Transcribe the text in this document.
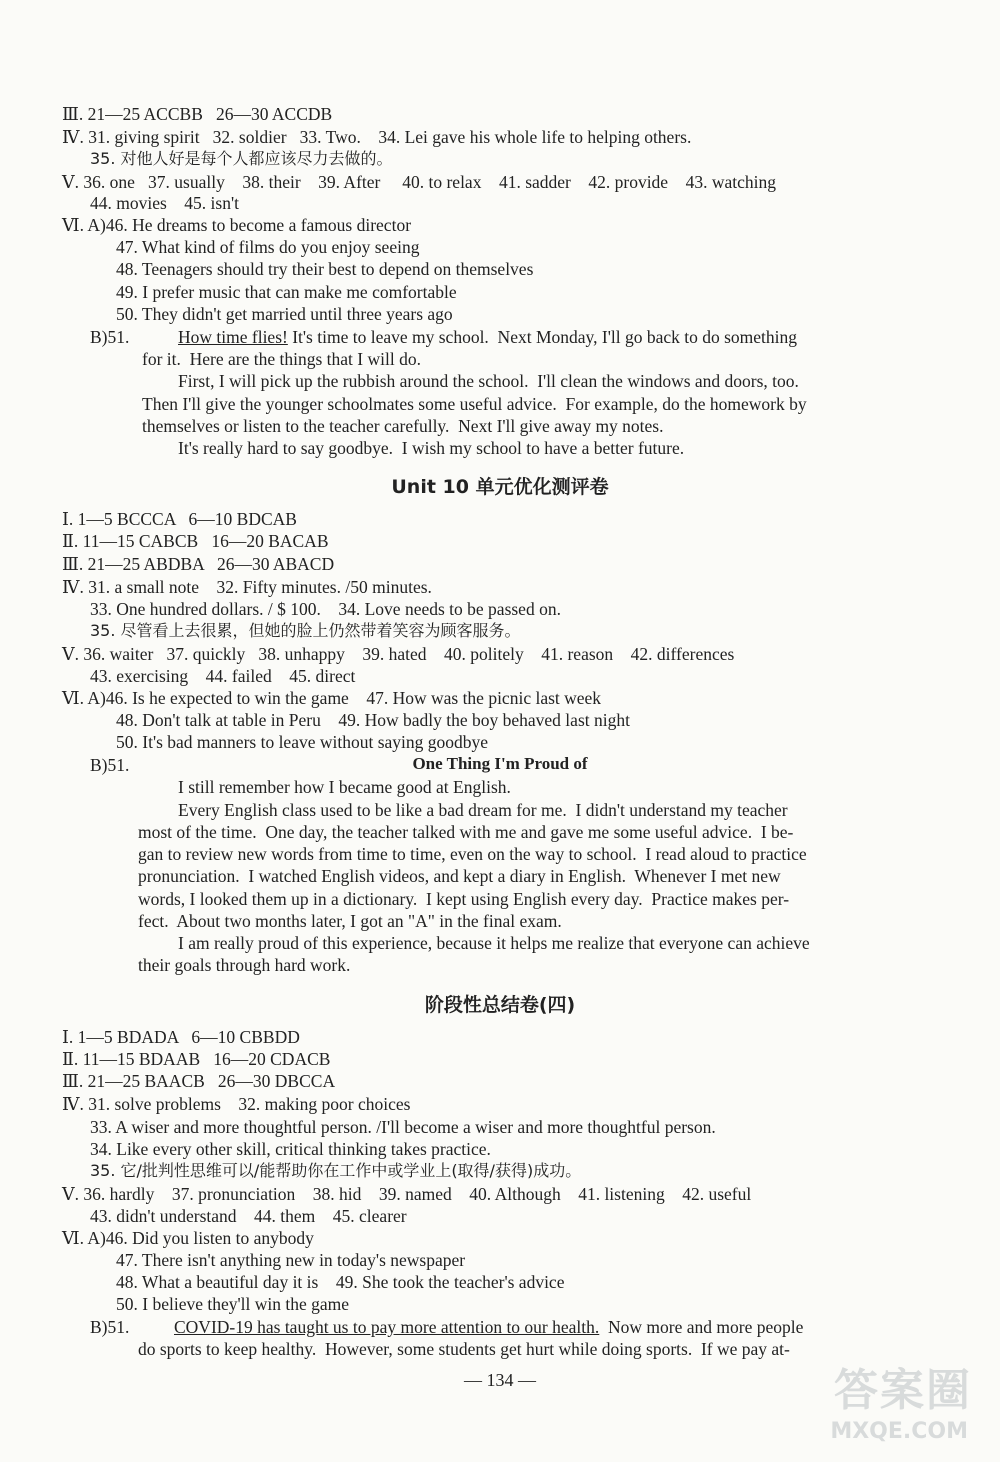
Ⅲ. 21—25 ACCBB   26—30 ACCDB
Ⅳ. 31. giving spirit   32. soldier   33. Two.    34. Lei gave his whole life to helping others.
35. 对他人好是每个人都应该尽力去做的。
Ⅴ. 36. one   37. usually    38. their    39. After     40. to relax    41. sadder    42. provide    43. watching
44. movies    45. isn't
Ⅵ. A)46. He dreams to become a famous director
47. What kind of films do you enjoy seeing
48. Teenagers should try their best to depend on themselves
49. I prefer music that can make me comfortable
50. They didn't get married until three years ago
B)51.	How time flies! It's time to leave my school.  Next Monday, I'll go back to do something
for it.  Here are the things that I will do.
First, I will pick up the rubbish around the school.  I'll clean the windows and doors, too.
Then I'll give the younger schoolmates some useful advice.  For example, do the homework by
themselves or listen to the teacher carefully.  Next I'll give away my notes.
It's really hard to say goodbye.  I wish my school to have a better future.
Unit 10 单元优化测评卷
Ⅰ. 1—5 BCCCA   6—10 BDCAB
Ⅱ. 11—15 CABCB   16—20 BACAB
Ⅲ. 21—25 ABDBA   26—30 ABACD
Ⅳ. 31. a small note    32. Fifty minutes. /50 minutes.
33. One hundred dollars. / $ 100.    34. Love needs to be passed on.
35. 尽管看上去很累，但她的脸上仍然带着笑容为顾客服务。
Ⅴ. 36. waiter   37. quickly   38. unhappy    39. hated    40. politely    41. reason    42. differences
43. exercising    44. failed    45. direct
Ⅵ. A)46. Is he expected to win the game    47. How was the picnic last week
48. Don't talk at table in Peru    49. How badly the boy behaved last night
50. It's bad manners to leave without saying goodbye
B)51.	One Thing I'm Proud of
I still remember how I became good at English.
Every English class used to be like a bad dream for me.  I didn't understand my teacher
most of the time.  One day, the teacher talked with me and gave me some useful advice.  I be-
gan to review new words from time to time, even on the way to school.  I read aloud to practice
pronunciation.  I watched English videos, and kept a diary in English.  Whenever I met new
words, I looked them up in a dictionary.  I kept using English every day.  Practice makes per-
fect.  About two months later, I got an "A" in the final exam.
I am really proud of this experience, because it helps me realize that everyone can achieve
their goals through hard work.
阶段性总结卷(四)
Ⅰ. 1—5 BDADA   6—10 CBBDD
Ⅱ. 11—15 BDAAB   16—20 CDACB
Ⅲ. 21—25 BAACB   26—30 DBCCA
Ⅳ. 31. solve problems    32. making poor choices
33. A wiser and more thoughtful person. /I'll become a wiser and more thoughtful person.
34. Like every other skill, critical thinking takes practice.
35. 它/批判性思维可以/能帮助你在工作中或学业上(取得/获得)成功。
Ⅴ. 36. hardly    37. pronunciation    38. hid    39. named    40. Although    41. listening    42. useful
43. didn't understand    44. them    45. clearer
Ⅵ. A)46. Did you listen to anybody
47. There isn't anything new in today's newspaper
48. What a beautiful day it is    49. She took the teacher's advice
50. I believe they'll win the game
B)51.	COVID-19 has taught us to pay more attention to our health.  Now more and more people
do sports to keep healthy.  However, some students get hurt while doing sports.  If we pay at-
— 134 —	答案圈
MXQE.COM
